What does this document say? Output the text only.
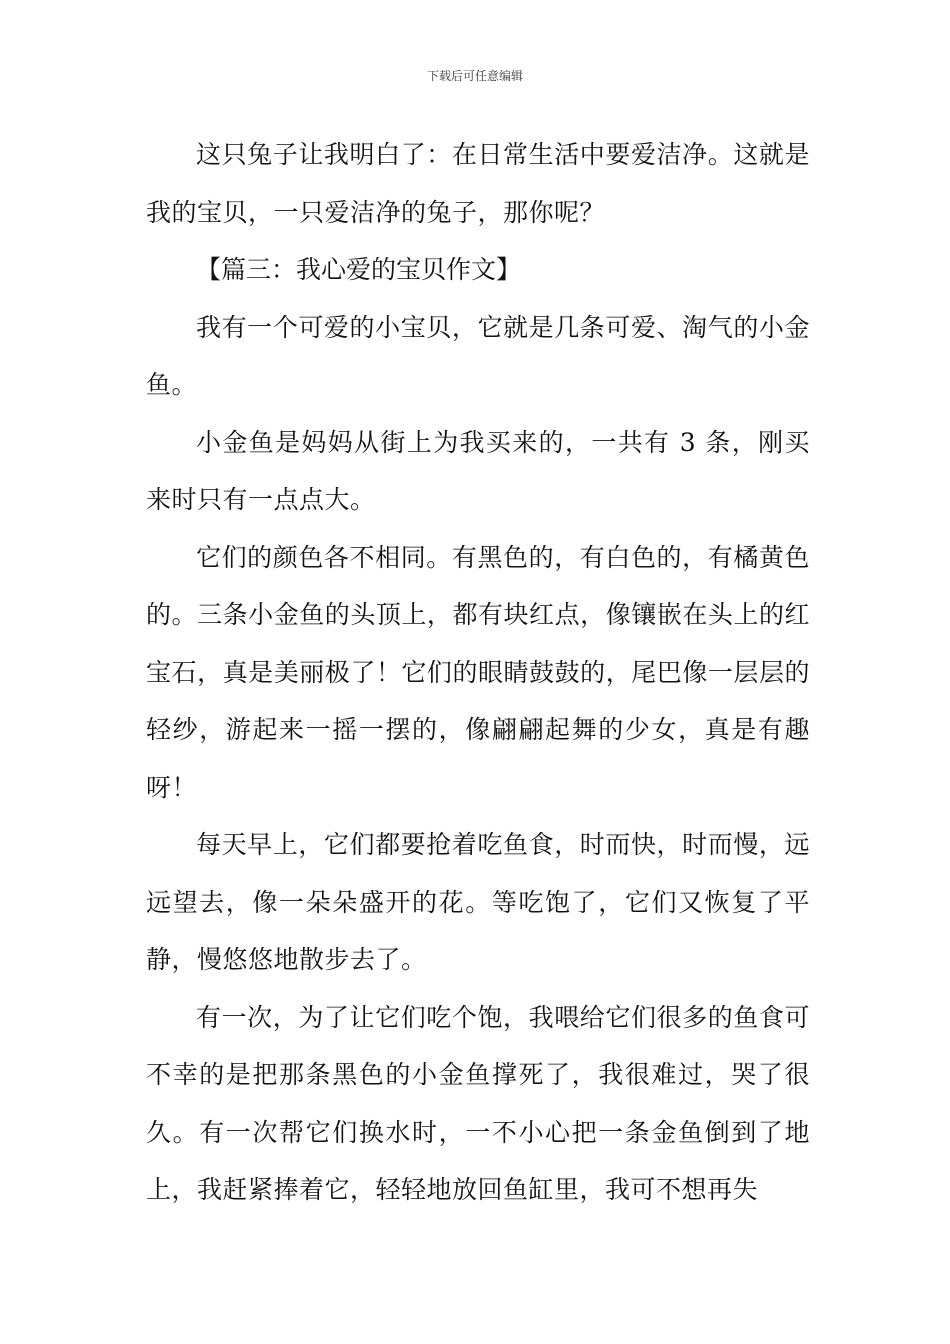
下载后可任意编辑

这只兔子让我明白了：在日常生活中要爱洁净。这就是我的宝贝，一只爱洁净的兔子，那你呢？

【篇三：我心爱的宝贝作文】

我有一个可爱的小宝贝，它就是几条可爱、淘气的小金鱼。

小金鱼是妈妈从街上为我买来的，一共有 3 条，刚买来时只有一点点大。

它们的颜色各不相同。有黑色的，有白色的，有橘黄色的。三条小金鱼的头顶上，都有块红点，像镶嵌在头上的红宝石，真是美丽极了！它们的眼睛鼓鼓的，尾巴像一层层的轻纱，游起来一摇一摆的，像翩翩起舞的少女，真是有趣呀！

每天早上，它们都要抢着吃鱼食，时而快，时而慢，远远望去，像一朵朵盛开的花。等吃饱了，它们又恢复了平静，慢悠悠地散步去了。

有一次，为了让它们吃个饱，我喂给它们很多的鱼食可不幸的是把那条黑色的小金鱼撑死了，我很难过，哭了很久。有一次帮它们换水时，一不小心把一条金鱼倒到了地上，我赶紧捧着它，轻轻地放回鱼缸里，我可不想再失
